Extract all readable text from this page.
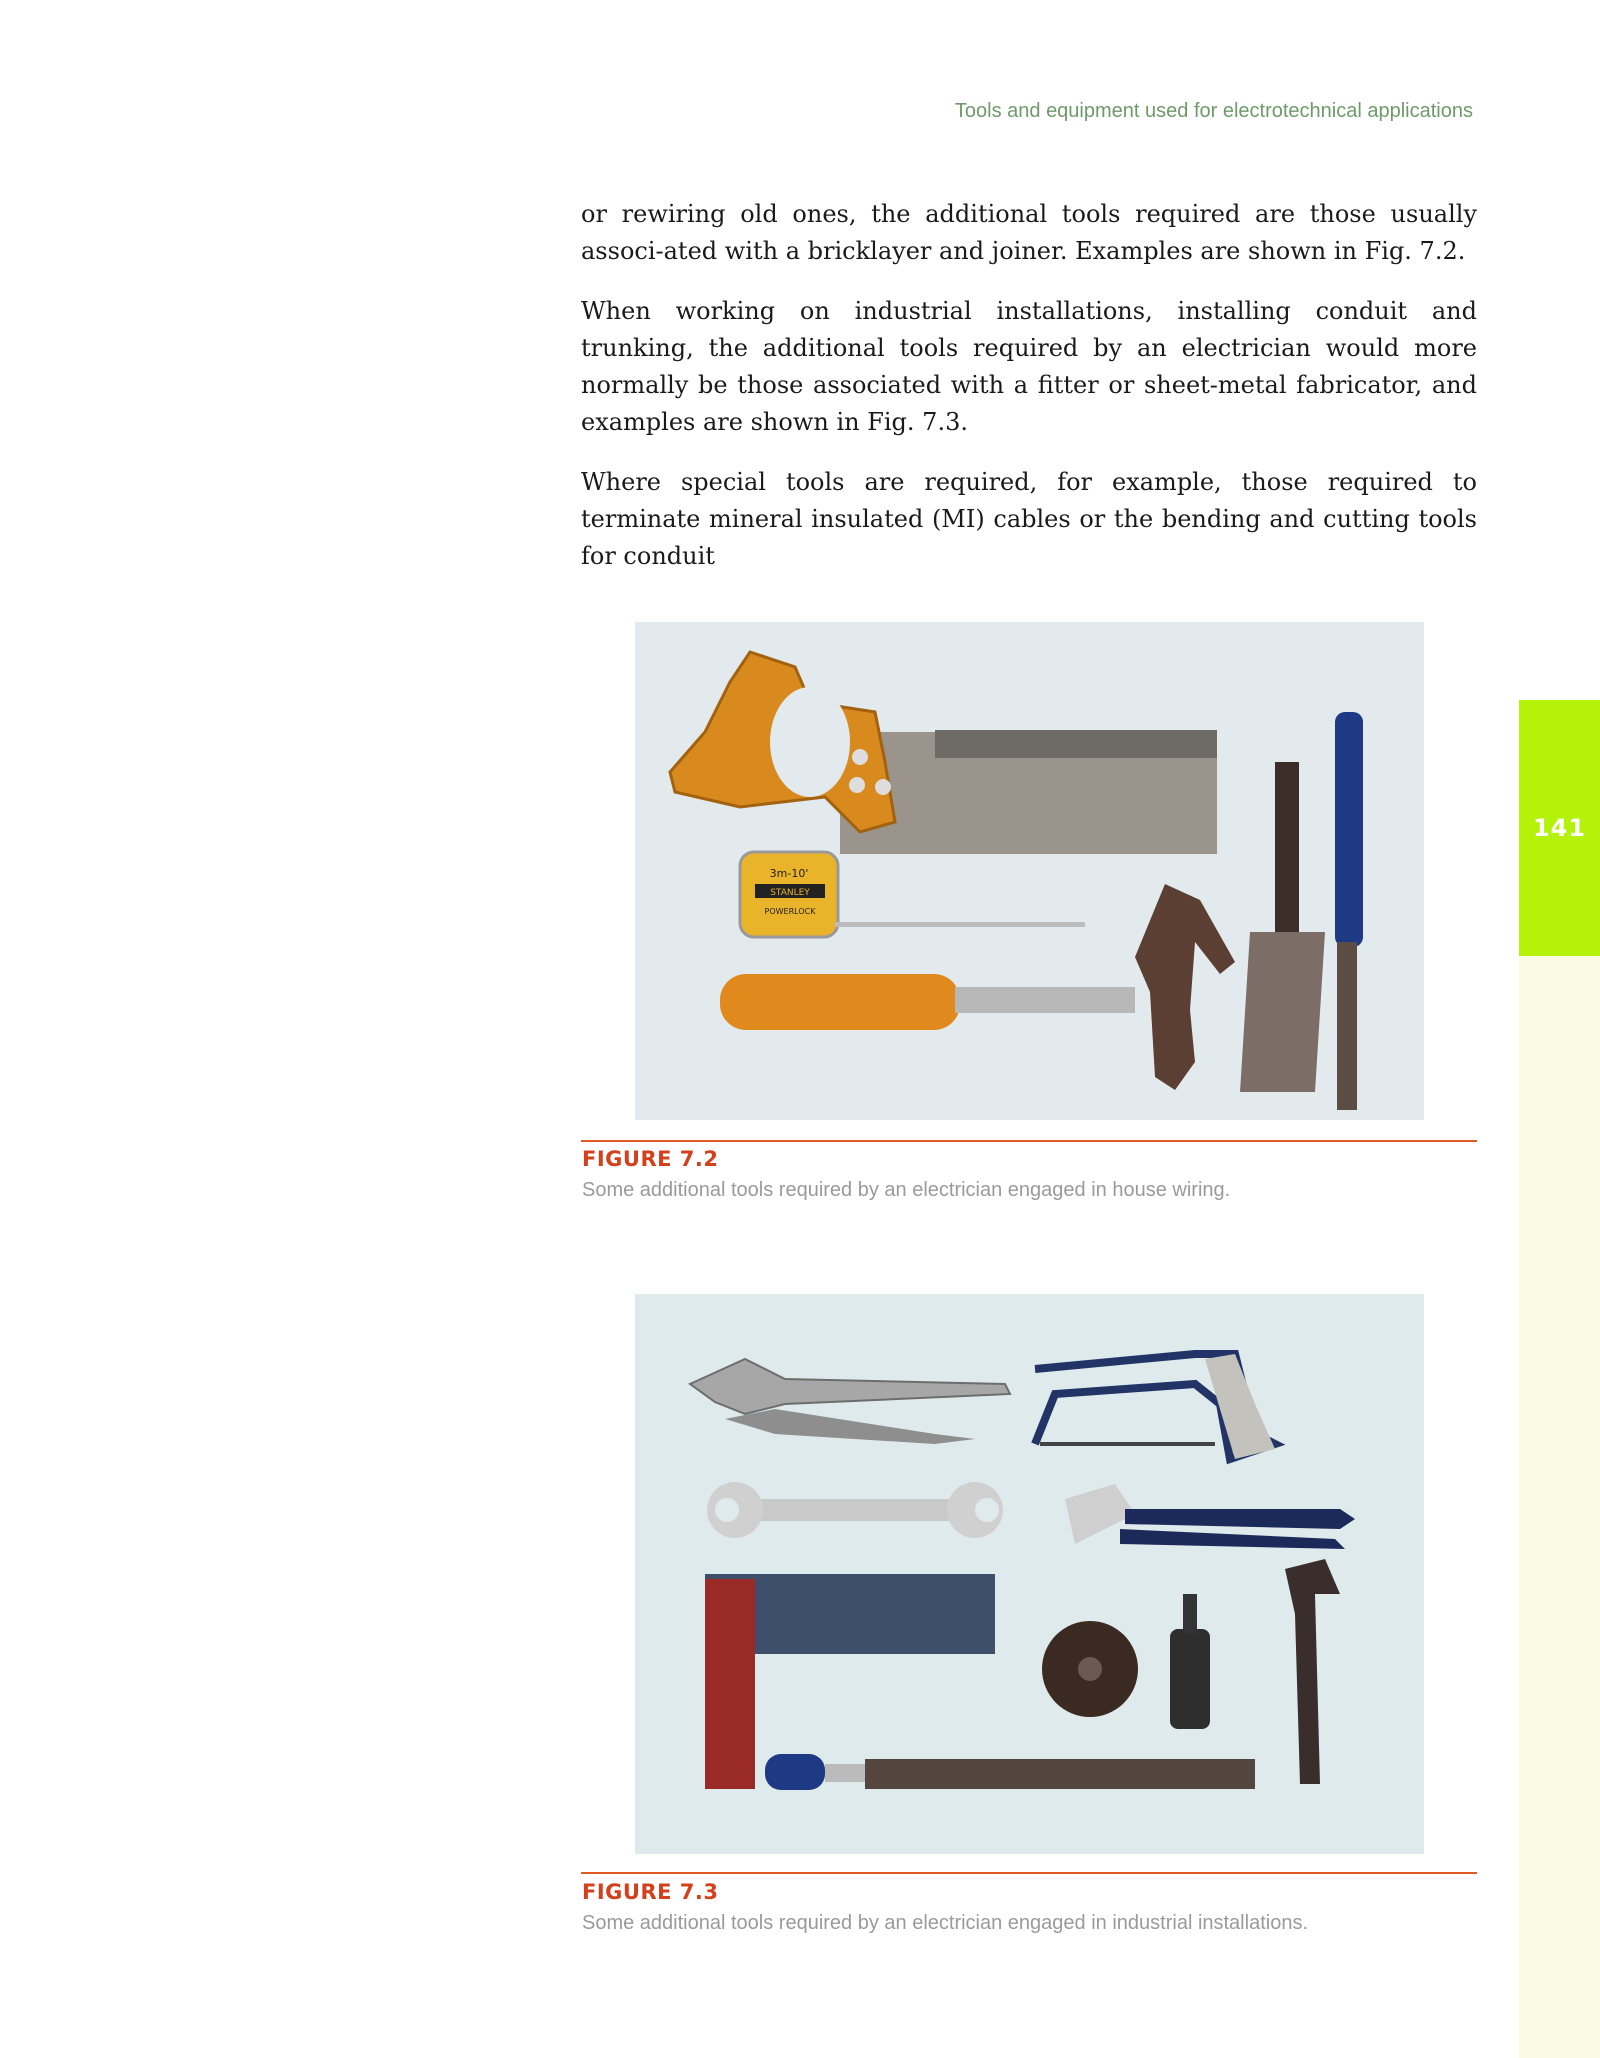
141
Tools and equipment used for electrotechnical applications

or rewiring old ones, the additional tools required are those usually associ-ated with a bricklayer and joiner. Examples are shown in Fig. 7.2.

When working on industrial installations, installing conduit and trunking, the additional tools required by an electrician would more normally be those associated with a fitter or sheet-metal fabricator, and examples are shown in Fig. 7.3.

Where special tools are required, for example, those required to terminate mineral insulated (MI) cables or the bending and cutting tools for conduit

3m-10'
STANLEY
POWERLOCK
FIGURE 7.2
Some additional tools required by an electrician engaged in house wiring.
FIGURE 7.3
Some additional tools required by an electrician engaged in industrial installations.
